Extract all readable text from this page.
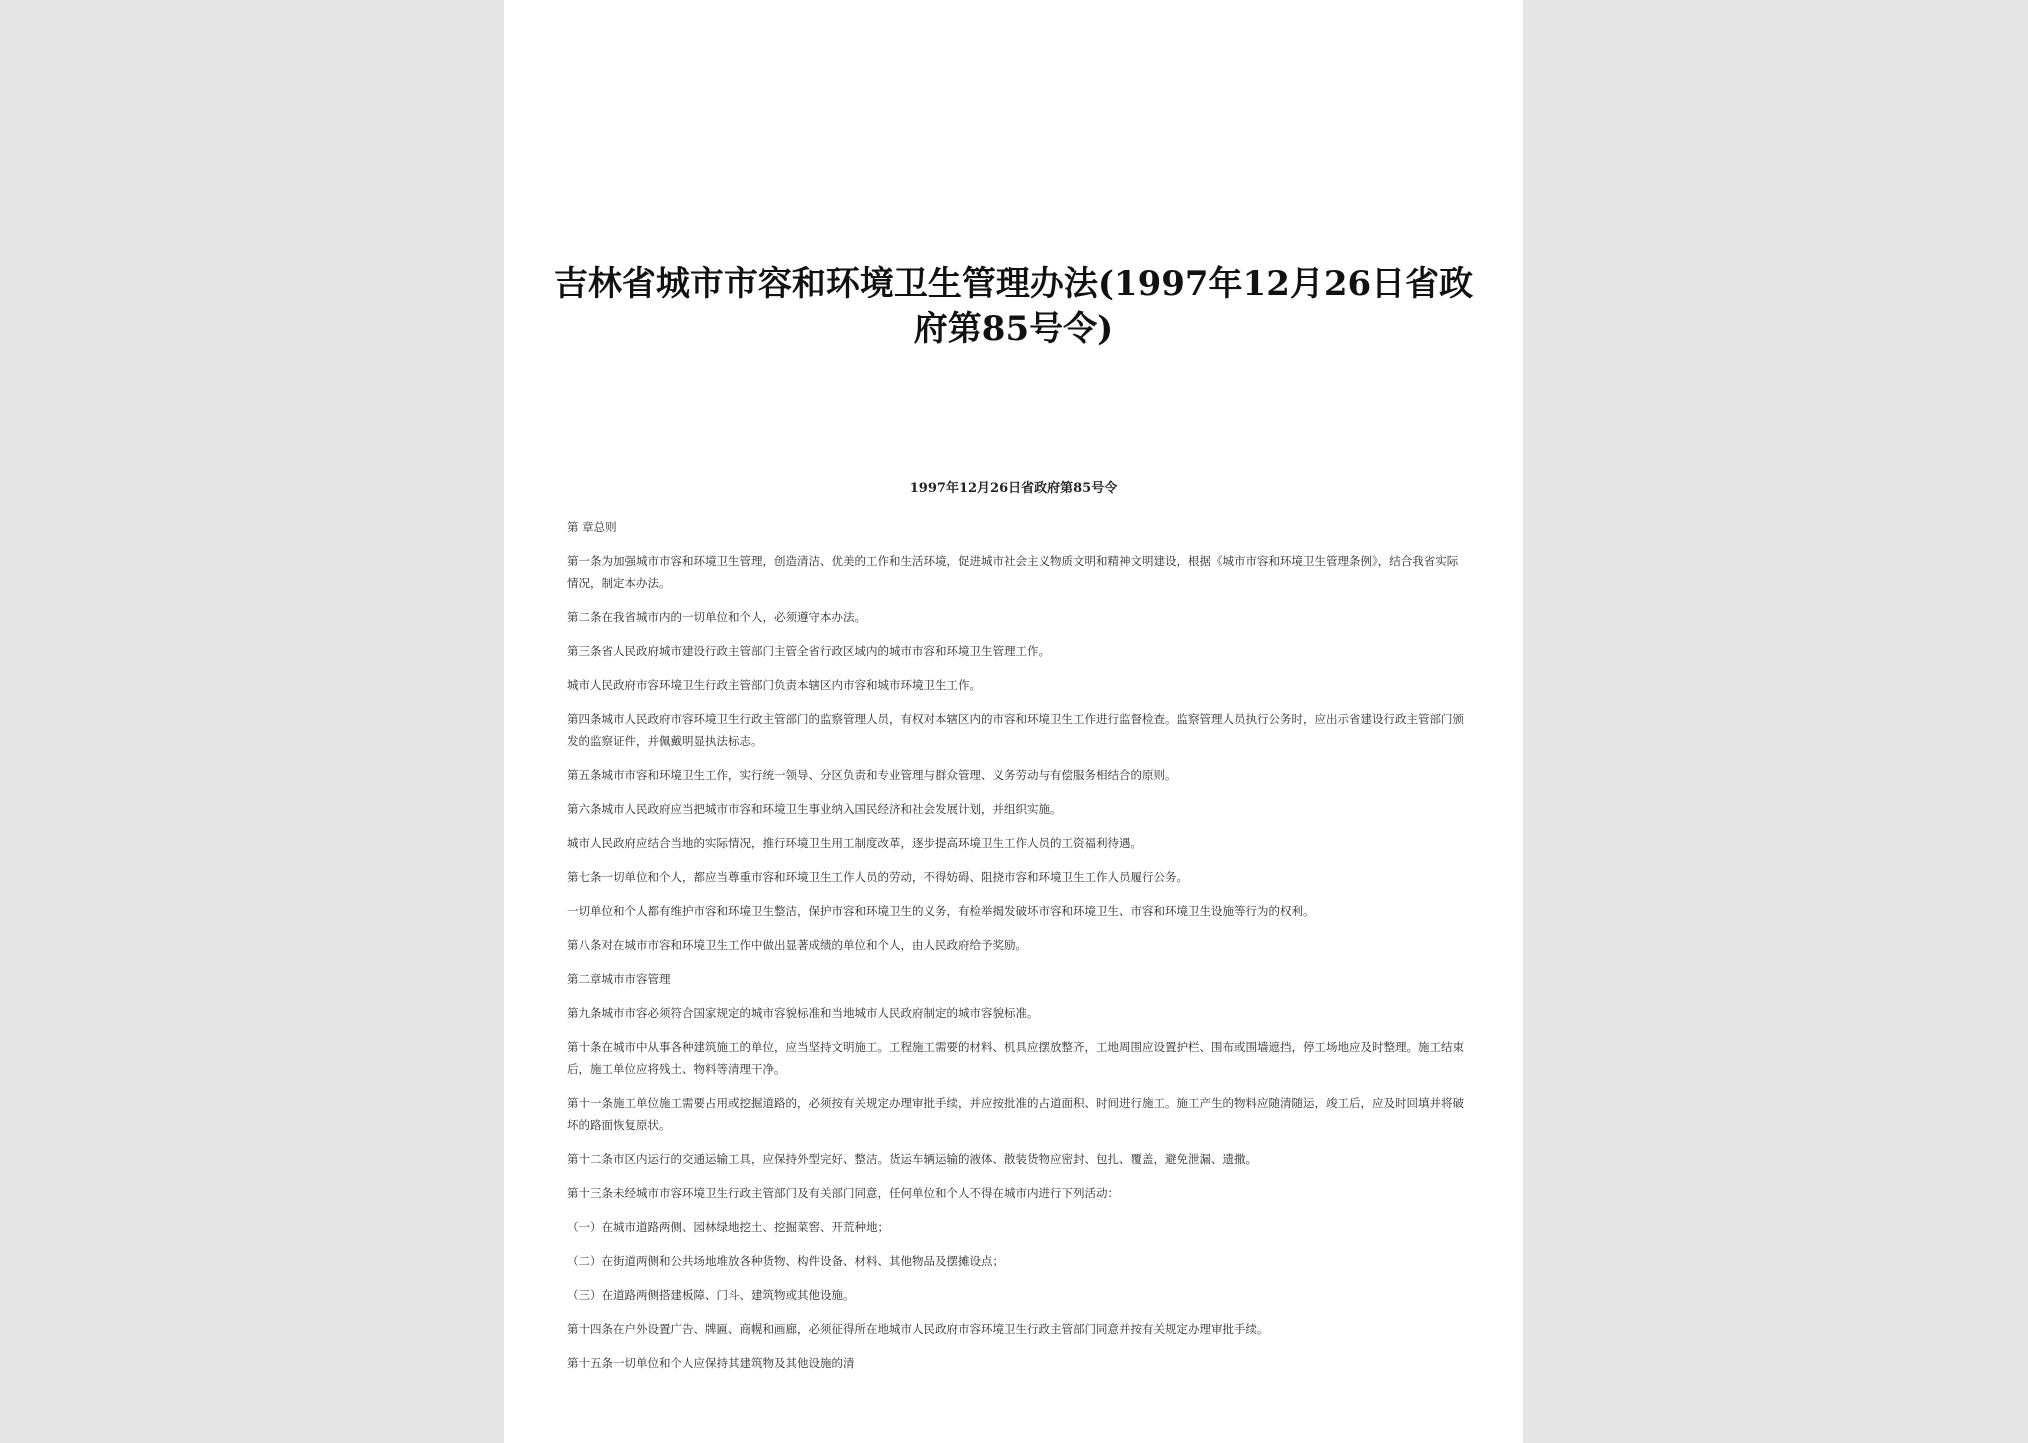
吉林省城市市容和环境卫生管理办法(1997年12月26日省政府第85号令)
1997年12月26日省政府第85号令

第 章总则

第一条为加强城市市容和环境卫生管理，创造清洁、优美的工作和生活环境，促进城市社会主义物质文明和精神文明建设，根据《城市市容和环境卫生管理条例》，结合我省实际情况，制定本办法。

第二条在我省城市内的一切单位和个人，必须遵守本办法。

第三条省人民政府城市建设行政主管部门主管全省行政区域内的城市市容和环境卫生管理工作。

城市人民政府市容环境卫生行政主管部门负责本辖区内市容和城市环境卫生工作。

第四条城市人民政府市容环境卫生行政主管部门的监察管理人员，有权对本辖区内的市容和环境卫生工作进行监督检查。监察管理人员执行公务时，应出示省建设行政主管部门颁发的监察证件，并佩戴明显执法标志。

第五条城市市容和环境卫生工作，实行统一领导、分区负责和专业管理与群众管理、义务劳动与有偿服务相结合的原则。

第六条城市人民政府应当把城市市容和环境卫生事业纳入国民经济和社会发展计划，并组织实施。

城市人民政府应结合当地的实际情况，推行环境卫生用工制度改革，逐步提高环境卫生工作人员的工资福利待遇。

第七条一切单位和个人，都应当尊重市容和环境卫生工作人员的劳动，不得妨碍、阻挠市容和环境卫生工作人员履行公务。

一切单位和个人都有维护市容和环境卫生整洁，保护市容和环境卫生的义务，有检举揭发破坏市容和环境卫生、市容和环境卫生设施等行为的权利。

第八条对在城市市容和环境卫生工作中做出显著成绩的单位和个人，由人民政府给予奖励。

第二章城市市容管理

第九条城市市容必须符合国家规定的城市容貌标准和当地城市人民政府制定的城市容貌标准。

第十条在城市中从事各种建筑施工的单位，应当坚持文明施工。工程施工需要的材料、机具应摆放整齐，工地周围应设置护栏、围布或围墙遮挡，停工场地应及时整理。施工结束后，施工单位应将残土、物料等清理干净。

第十一条施工单位施工需要占用或挖掘道路的，必须按有关规定办理审批手续，并应按批准的占道面积、时间进行施工。施工产生的物料应随清随运，竣工后，应及时回填并将破坏的路面恢复原状。

第十二条市区内运行的交通运输工具，应保持外型完好、整洁。货运车辆运输的液体、散装货物应密封、包扎、覆盖，避免泄漏、遗撒。

第十三条未经城市市容环境卫生行政主管部门及有关部门同意，任何单位和个人不得在城市内进行下列活动：

（一）在城市道路两侧、园林绿地挖土、挖掘菜窖、开荒种地；

（二）在街道两侧和公共场地堆放各种货物、构件设备、材料、其他物品及摆摊设点；

（三）在道路两侧搭建板障、门斗、建筑物或其他设施。

第十四条在户外设置广告、牌匾、商幌和画廊，必须征得所在地城市人民政府市容环境卫生行政主管部门同意并按有关规定办理审批手续。

第十五条一切单位和个人应保持其建筑物及其他设施的清
